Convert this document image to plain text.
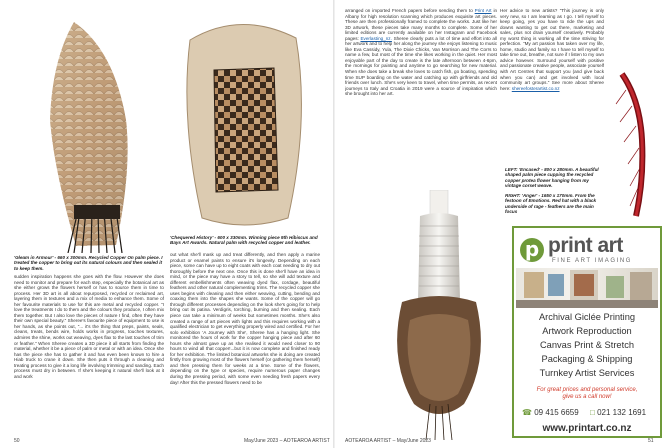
'Gleam in Armour' - 660 x 300mm. Recycled Copper On palm piece. I treated the copper to bring out its natural colours and then sealed it to keep them.
'Chequered History' - 600 x 330mm. Winning piece 9th Hibiscus and Bays Art Awards. Natural palm with recycled copper and leather.
sudden inspiration happens she goes with the flow. However she does need to monitor and prepare for each step, especially the botanical art as she either grows the flowers herself or has to source them in time to process. Her 3D art is all about repurposed, recycled or reclaimed art, layering them in textures and a mix of media to enhance them. Some of her favourite materials to use for this are metal and recycled copper. "I love the treatments I do to them and the colours they produce, I often mix them together. But I also love the pieces of nature I find, often they have their own special beauty." Sheree's favourite piece of equipment to use is her hands, as she points out, "... it's the thing that preps, paints, seals, cleans, treats, bends wire, holds works in progress, touches textures, admires the shine, works out weaving, dyes flax to the last touches of trim or feather." When Sheree creates a 3D piece it all starts from finding the material, whether it be a piece of palm or metal or with an idea. Once she has the piece she has to gather it and has even been known to hire a Hiab truck to crane it down. She then puts it through a cleaning and treating process to give it a long life involving trimming and sanding. Each process must dry in between. If she's keeping it natural she'll look at it and work
out what she'll mask up and treat differently, and then apply a marine product or enamel paints to ensure it's longevity. Depending on each piece, some can have up to eight coats with each coat needing to dry out thoroughly before the next one. Once this is done she'll have an idea in mind, or the piece may have a story to tell, so she will add texture and different embellishments often weaving dyed flax, cordage, beautiful feathers and other natural complementing trims. The recycled copper she uses begins with cleaning and then either weaving, cutting, bending and coaxing them into the shapes she wants. Some of the copper will go through different processes depending on the look she's going for to help bring out its patina. Verdigris, torching, burning and then sealing. Each piece can take a minimum of weeks but sometimes months. She's also created a range of art pieces with lights and this requires working with a qualified electrician to get everything properly wired and certified. For her solo exhibition 'A Journey with She', Sheree has a hanging light. She monitored the hours of work for the copper hanging piece and after 60 hours she almost gave up as she realised it would need closer to 90 hours to wind all that copper!...but it is now complete and finished ready for her exhibition. The limited botanical artworks she is doing are created firstly from growing most of the flowers herself (or gathering them herself) and then pressing them for weeks at a time. Some of the flowers, depending on the type or species, require numerous paper changes during the pressing period, with some even needing fresh papers every day! After this the pressed flowers need to be
50	May/June 2023 – AOTEAROA ARTIST
arranged on imported French papers before sending them to Print Art in Albany for high resolution scanning which produces exquisite art pieces. These are then professionally framed to complete the works. Just like her 3D artwork, these pieces take many months to complete. Some of her limited editions are currently available on her Instagram and Facebook pages: Everlasting_nz. Sheree clearly puts a lot of time and effort into all her artwork and to help her along the journey she enjoys listening to music like Eva Cassidy, Yula, The Dixie Chicks, Van Morrison and The Corrs to name a few, but most of the time she likes working in the quiet. Her most enjoyable part of the day to create is the late afternoon between 4-6pm, the mornings for painting and anytime to go searching for new material. When she does take a break she loves to catch fish, go boating, spending time SUP boarding on the water and catching up with girlfriends and old friends over lunch. She's very keen to travel, when time permits, as recent journeys to Italy and Croatia in 2019 were a source of inspiration which she brought into her art.
Her advice to new artists? "This journey is only very new, so I am learning as I go. I tell myself to keep going, yes you have to ride the ups and downs wanting to get out there, marketing and sales, plus not drain yourself creatively. Probably my worst thing is working all the time striving for perfection. "My art passion has taken over my life, home, studio and family so I have to tell myself to take time out, breathe, not sure if I listen to my own advice however. Surround yourself with positive and passionate creative people, associate yourself with Art Centres that support you (and give back when you can) and get involved with local community art groups." See more about Sheree here: shereefosterartist.co.nz
LEFT: 'Encased' - 800 x 280mm. A beautiful shaped palm piece cupping the recycled copper protea flower hanging from my vintage corset weave.
RIGHT: 'Anger' - 1650 x 170mm. From the festoon of Emotions. Red hat with a black underside of rage - feathers are the main focus
p print art
FINE ART IMAGING
Archival Giclée Printing
Artwork Reproduction
Canvas Print & Stretch
Packaging & Shipping
Turnkey Artist Services
For great prices and personal service,
give us a call now!
☎ 09 415 6659 □ 021 132 1691
www.printart.co.nz
AOTEAROA ARTIST – May/June 2023	51
